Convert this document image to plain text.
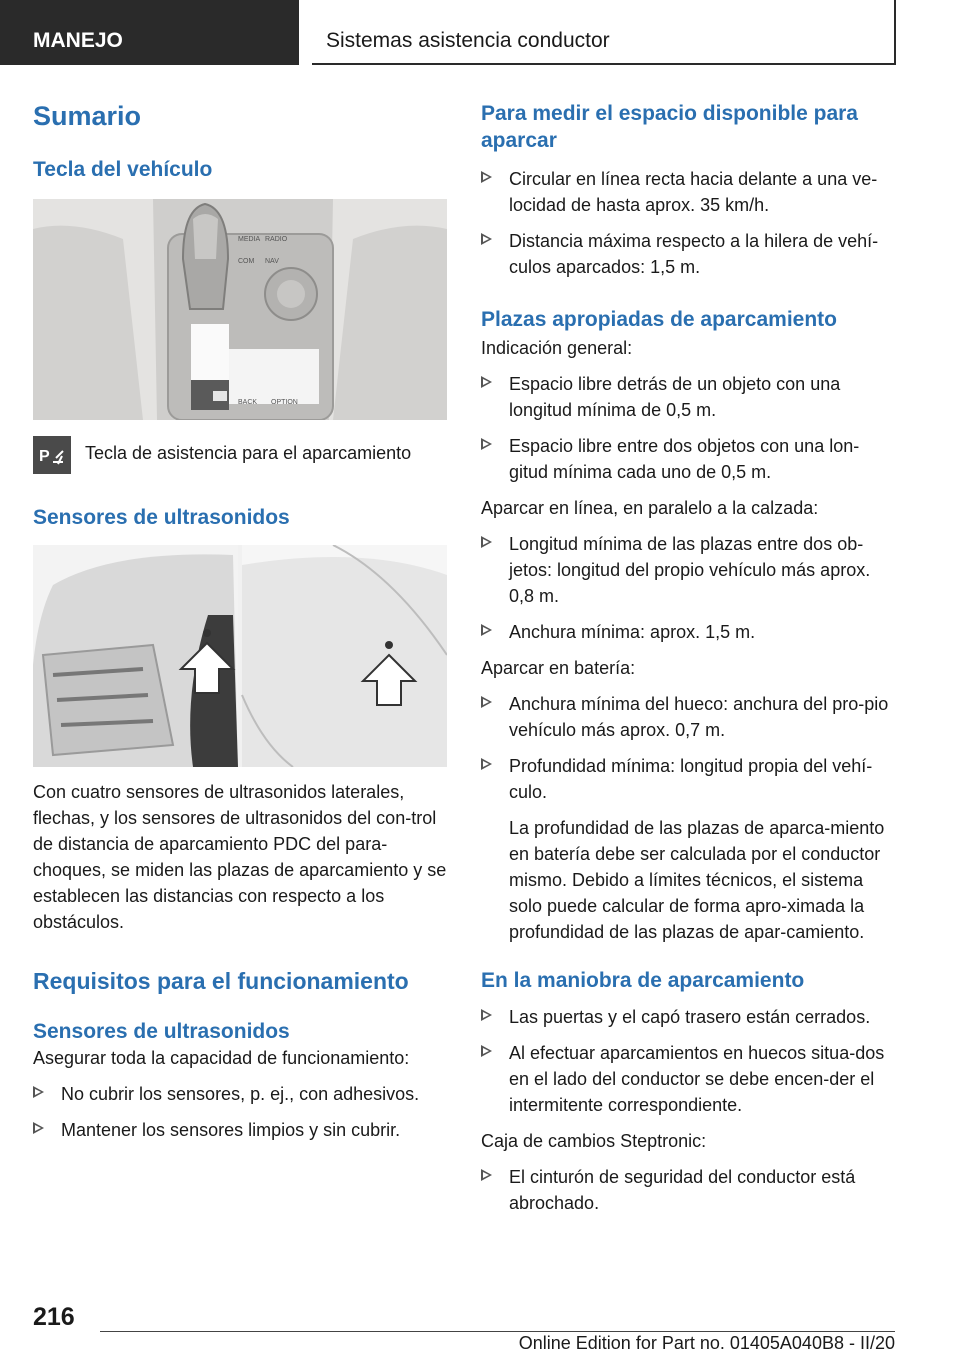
MANEJO	Sistemas asistencia conductor
Sumario
Tecla del vehículo
MEDIA RADIO
COM NAV
BACK OPTION
P Tecla de asistencia para el aparcamiento

Sensores de ultrasonidos

Con cuatro sensores de ultrasonidos laterales, flechas, y los sensores de ultrasonidos del con-trol de distancia de aparcamiento PDC del para-choques, se miden las plazas de aparcamiento y se establecen las distancias con respecto a los obstáculos.

Requisitos para el funcionamiento
Sensores de ultrasonidos

Asegurar toda la capacidad de funcionamiento:

No cubrir los sensores, p. ej., con adhesivos.
Mantener los sensores limpios y sin cubrir.
Para medir el espacio disponible para aparcar
Circular en línea recta hacia delante a una ve-locidad de hasta aprox. 35 km/h.
Distancia máxima respecto a la hilera de vehí-culos aparcados: 1,5 m.
Plazas apropiadas de aparcamiento

Indicación general:

Espacio libre detrás de un objeto con una longitud mínima de 0,5 m.
Espacio libre entre dos objetos con una lon-gitud mínima cada uno de 0,5 m.

Aparcar en línea, en paralelo a la calzada:

Longitud mínima de las plazas entre dos ob-jetos: longitud del propio vehículo más aprox. 0,8 m.
Anchura mínima: aprox. 1,5 m.

Aparcar en batería:

Anchura mínima del hueco: anchura del pro-pio vehículo más aprox. 0,7 m.
Profundidad mínima: longitud propia del vehí-culo.
La profundidad de las plazas de aparca-miento en batería debe ser calculada por el conductor mismo. Debido a límites técnicos, el sistema solo puede calcular de forma apro-ximada la profundidad de las plazas de apar-camiento.
En la maniobra de aparcamiento
Las puertas y el capó trasero están cerrados.
Al efectuar aparcamientos en huecos situa-dos en el lado del conductor se debe encen-der el intermitente correspondiente.

Caja de cambios Steptronic:

El cinturón de seguridad del conductor está abrochado.
216
Online Edition for Part no. 01405A040B8 - II/20
